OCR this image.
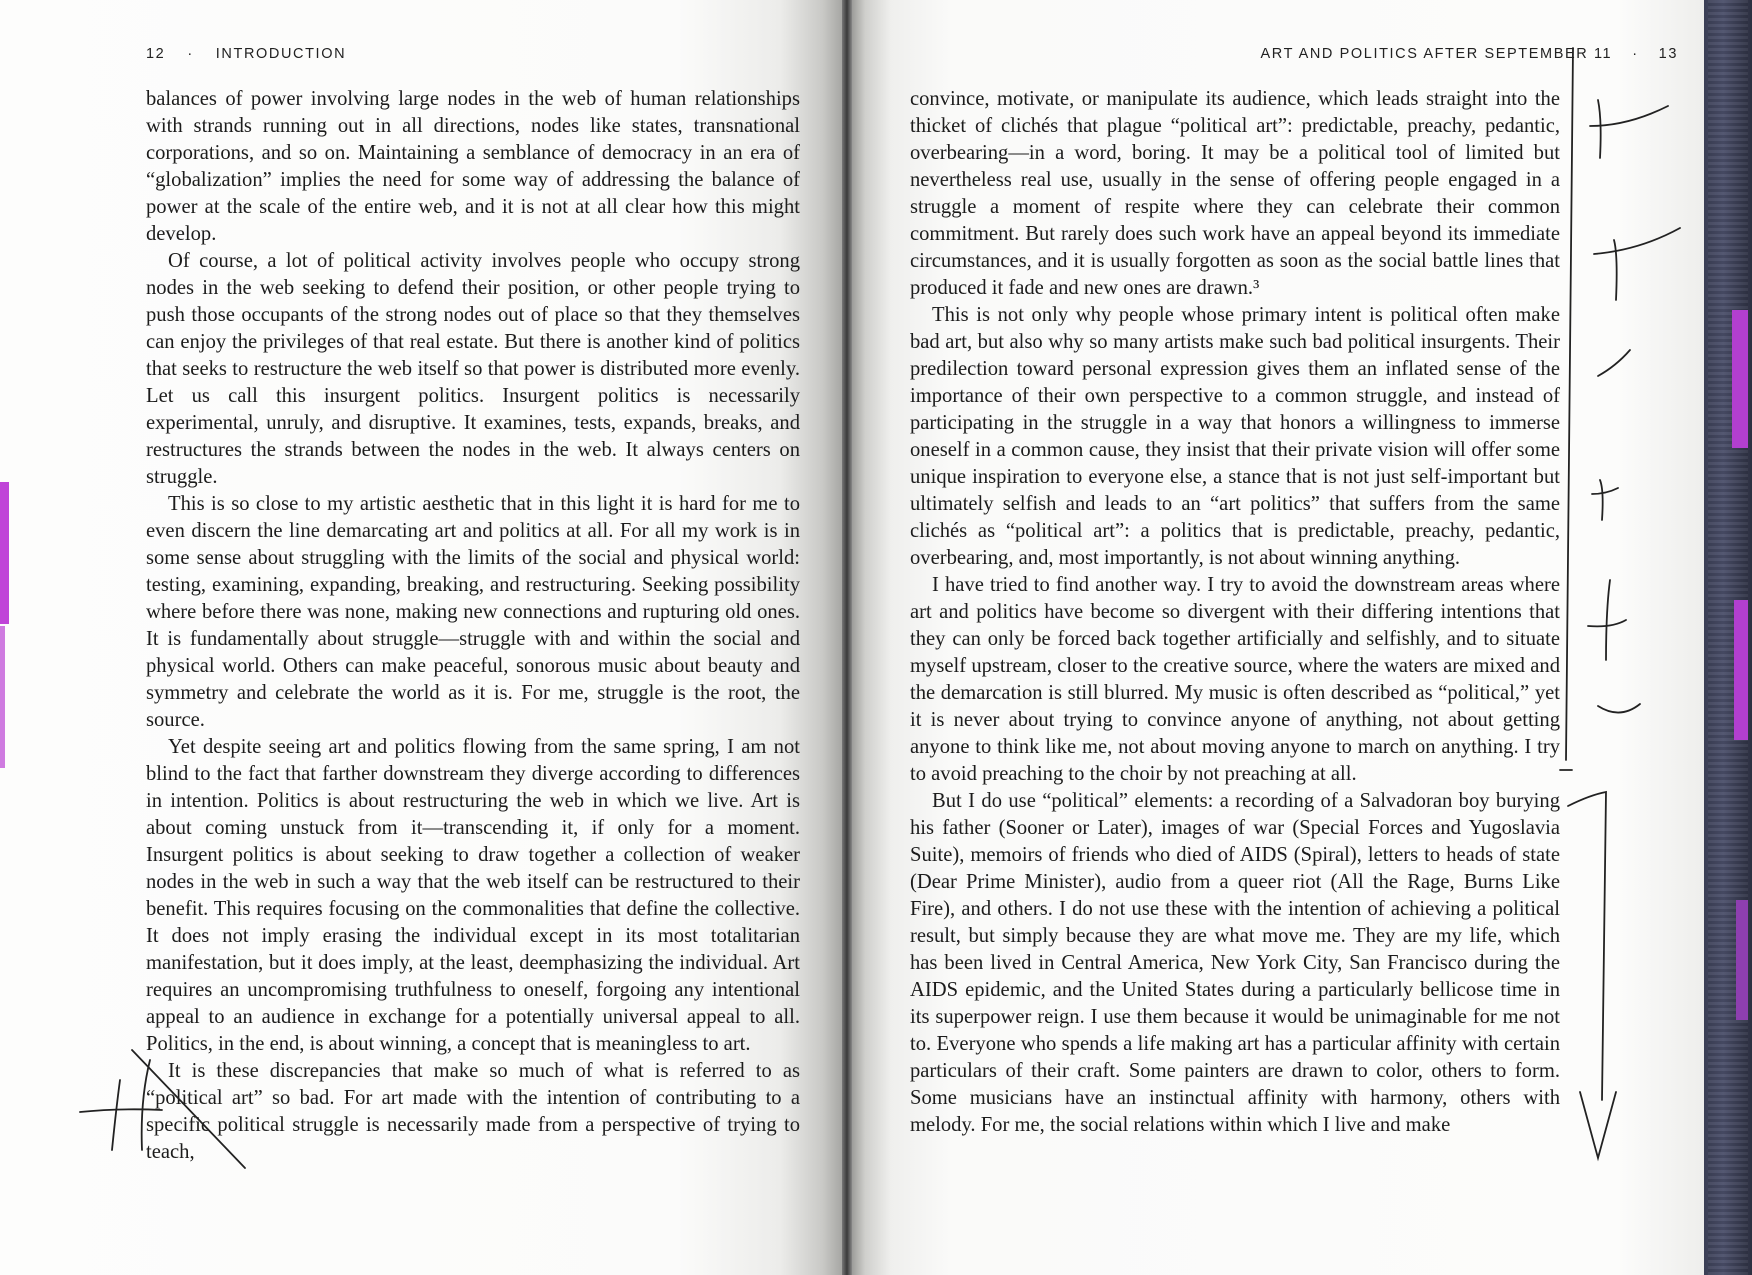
12 · INTRODUCTION

balances of power involving large nodes in the web of human relationships with strands running out in all directions, nodes like states, transnational corporations, and so on. Maintaining a semblance of democracy in an era of “globalization” implies the need for some way of addressing the balance of power at the scale of the entire web, and it is not at all clear how this might develop.

Of course, a lot of political activity involves people who occupy strong nodes in the web seeking to defend their position, or other people trying to push those occupants of the strong nodes out of place so that they themselves can enjoy the privileges of that real estate. But there is another kind of politics that seeks to restructure the web itself so that power is distributed more evenly. Let us call this insurgent politics. Insurgent politics is necessarily experimental, unruly, and disruptive. It examines, tests, expands, breaks, and restructures the strands between the nodes in the web. It always centers on struggle.

This is so close to my artistic aesthetic that in this light it is hard for me to even discern the line demarcating art and politics at all. For all my work is in some sense about struggling with the limits of the social and physical world: testing, examining, expanding, breaking, and restructuring. Seeking possibility where before there was none, making new connections and rupturing old ones. It is fundamentally about struggle—struggle with and within the social and physical world. Others can make peaceful, sonorous music about beauty and symmetry and celebrate the world as it is. For me, struggle is the root, the source.

Yet despite seeing art and politics flowing from the same spring, I am not blind to the fact that farther downstream they diverge according to differences in intention. Politics is about restructuring the web in which we live. Art is about coming unstuck from it—transcending it, if only for a moment. Insurgent politics is about seeking to draw together a collection of weaker nodes in the web in such a way that the web itself can be restructured to their benefit. This requires focusing on the commonalities that define the collective. It does not imply erasing the individual except in its most totalitarian manifestation, but it does imply, at the least, deemphasizing the individual. Art requires an uncompromising truthfulness to oneself, forgoing any intentional appeal to an audience in exchange for a potentially universal appeal to all. Politics, in the end, is about winning, a concept that is meaningless to art.

It is these discrepancies that make so much of what is referred to as “political art” so bad. For art made with the intention of contributing to a specific political struggle is necessarily made from a perspective of trying to teach,

ART AND POLITICS AFTER SEPTEMBER 11 · 13

convince, motivate, or manipulate its audience, which leads straight into the thicket of clichés that plague “political art”: predictable, preachy, pedantic, overbearing—in a word, boring. It may be a political tool of limited but nevertheless real use, usually in the sense of offering people engaged in a struggle a moment of respite where they can celebrate their common commitment. But rarely does such work have an appeal beyond its immediate circumstances, and it is usually forgotten as soon as the social battle lines that produced it fade and new ones are drawn.³

This is not only why people whose primary intent is political often make bad art, but also why so many artists make such bad political insurgents. Their predilection toward personal expression gives them an inflated sense of the importance of their own perspective to a common struggle, and instead of participating in the struggle in a way that honors a willingness to immerse oneself in a common cause, they insist that their private vision will offer some unique inspiration to everyone else, a stance that is not just self-important but ultimately selfish and leads to an “art politics” that suffers from the same clichés as “political art”: a politics that is predictable, preachy, pedantic, overbearing, and, most importantly, is not about winning anything.

I have tried to find another way. I try to avoid the downstream areas where art and politics have become so divergent with their differing intentions that they can only be forced back together artificially and selfishly, and to situate myself upstream, closer to the creative source, where the waters are mixed and the demarcation is still blurred. My music is often described as “political,” yet it is never about trying to convince anyone of anything, not about getting anyone to think like me, not about moving anyone to march on anything. I try to avoid preaching to the choir by not preaching at all.

But I do use “political” elements: a recording of a Salvadoran boy burying his father (Sooner or Later), images of war (Special Forces and Yugoslavia Suite), memoirs of friends who died of AIDS (Spiral), letters to heads of state (Dear Prime Minister), audio from a queer riot (All the Rage, Burns Like Fire), and others. I do not use these with the intention of achieving a political result, but simply because they are what move me. They are my life, which has been lived in Central America, New York City, San Francisco during the AIDS epidemic, and the United States during a particularly bellicose time in its superpower reign. I use them because it would be unimaginable for me not to. Everyone who spends a life making art has a particular affinity with certain particulars of their craft. Some painters are drawn to color, others to form. Some musicians have an instinctual affinity with harmony, others with melody. For me, the social relations within which I live and make
